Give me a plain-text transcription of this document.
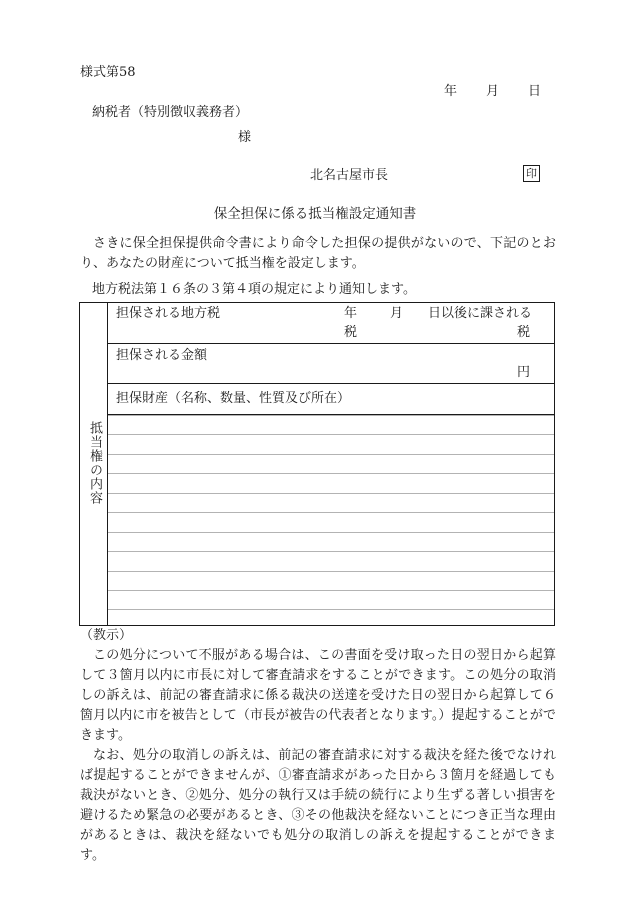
様式第58
年 月 日
納税者（特別徴収義務者）
様
北名古屋市長	印
保全担保に係る抵当権設定通知書

さきに保全担保提供命令書により命令した担保の提供がないので、下記のとおり、あなたの財産について抵当権を設定します。

地方税法第１６条の３第４項の規定により通知します。
抵当権の内容
担保される地方税	年	月 日以後に課される
税	税
担保される金額
円
担保財産（名称、数量、性質及び所在）
（教示）

この処分について不服がある場合は、この書面を受け取った日の翌日から起算して３箇月以内に市長に対して審査請求をすることができます。この処分の取消しの訴えは、前記の審査請求に係る裁決の送達を受けた日の翌日から起算して６箇月以内に市を被告として（市長が被告の代表者となります。）提起することができます。

なお、処分の取消しの訴えは、前記の審査請求に対する裁決を経た後でなければ提起することができませんが、①審査請求があった日から３箇月を経過しても裁決がないとき、②処分、処分の執行又は手続の続行により生ずる著しい損害を避けるため緊急の必要があるとき、③その他裁決を経ないことにつき正当な理由があるときは、裁決を経ないでも処分の取消しの訴えを提起することができます。
